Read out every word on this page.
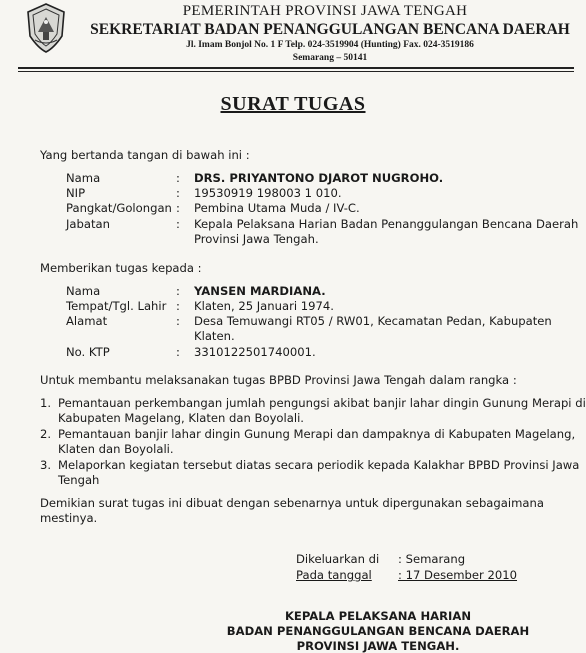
PEMERINTAH PROVINSI JAWA TENGAH
SEKRETARIAT BADAN PENANGGULANGAN BENCANA DAERAH
Jl. Imam Bonjol No. 1 F Telp. 024-3519904 (Hunting) Fax. 024-3519186
Semarang – 50141
SURAT TUGAS
Yang bertanda tangan di bawah ini :
Nama	: DRS. PRIYANTONO DJAROT NUGROHO.
NIP	: 19530919 198003 1 010.
Pangkat/Golongan : Pembina Utama Muda / IV-C.
Jabatan	: Kepala Pelaksana Harian Badan Penanggulangan Bencana Daerah
Provinsi Jawa Tengah.
Memberikan tugas kepada :
Nama	: YANSEN MARDIANA.
Tempat/Tgl. Lahir : Klaten, 25 Januari 1974.
Alamat	: Desa Temuwangi RT05 / RW01, Kecamatan Pedan, Kabupaten
Klaten.
No. KTP	: 3310122501740001.
Untuk membantu melaksanakan tugas BPBD Provinsi Jawa Tengah dalam rangka :
1. Pemantauan perkembangan jumlah pengungsi akibat banjir lahar dingin Gunung Merapi di
Kabupaten Magelang, Klaten dan Boyolali.
2. Pemantauan banjir lahar dingin Gunung Merapi dan dampaknya di Kabupaten Magelang,
Klaten dan Boyolali.
3. Melaporkan kegiatan tersebut diatas secara periodik kepada Kalakhar BPBD Provinsi Jawa
Tengah
Demikian surat tugas ini dibuat dengan sebenarnya untuk dipergunakan sebagaimana
mestinya.
Dikeluarkan di : Semarang
Pada tanggal	: 17 Desember 2010
KEPALA PELAKSANA HARIAN
BADAN PENANGGULANGAN BENCANA DAERAH
PROVINSI JAWA TENGAH.
